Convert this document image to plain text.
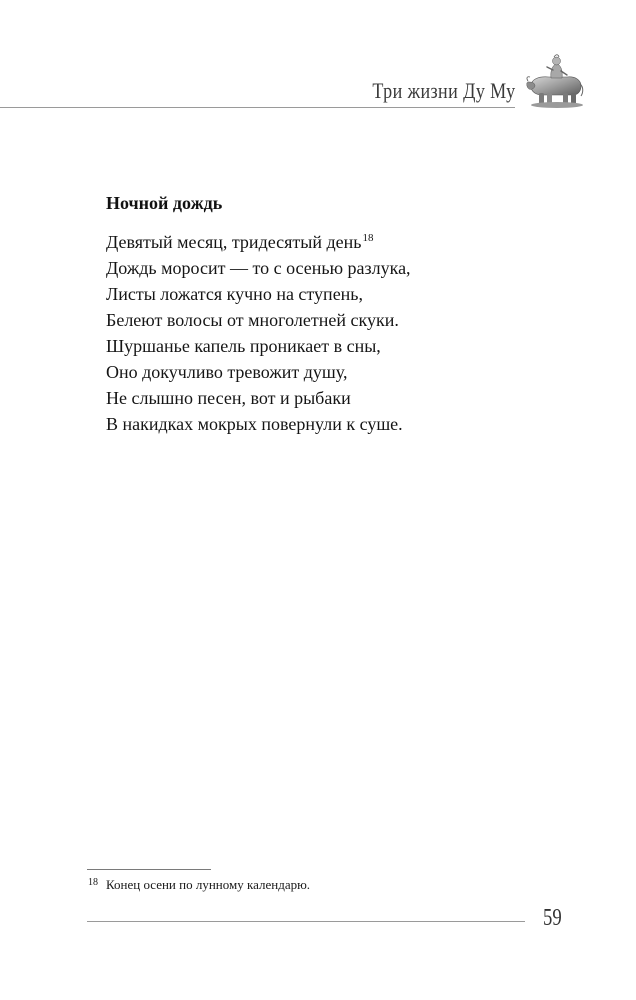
Три жизни Ду Му
Ночной дождь
Девятый месяц, тридесятый день$^{18}$
Дождь моросит — то с осенью разлука,
Листы ложатся кучно на ступень,
Белеют волосы от многолетней скуки.
Шуршанье капель проникает в сны,
Оно докучливо тревожит душу,
Не слышно песен, вот и рыбаки
В накидках мокрых повернули к суше.
$^{18}$ Конец осени по лунному календарю.
59
